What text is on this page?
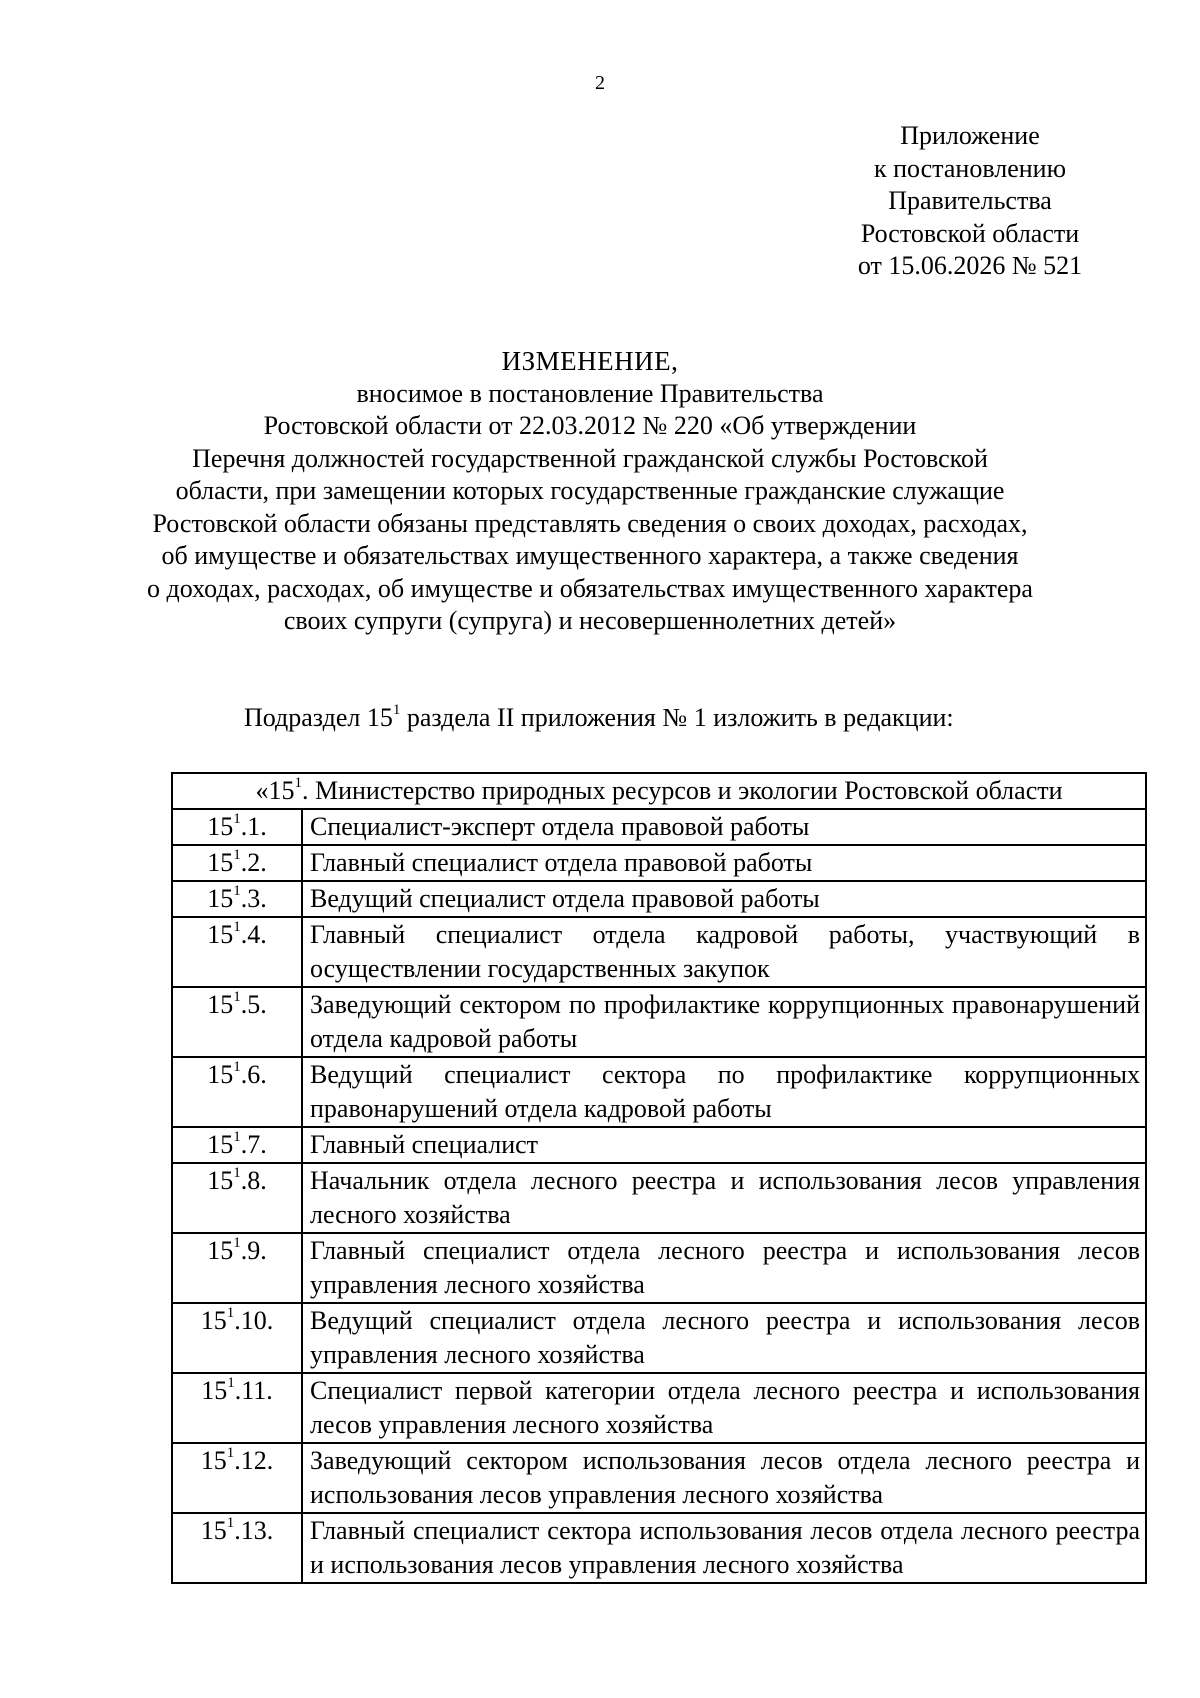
2
Приложение
к постановлению
Правительства
Ростовской области
от 15.06.2026 № 521
ИЗМЕНЕНИЕ,
вносимое в постановление Правительства
Ростовской области от 22.03.2012 № 220 «Об утверждении
Перечня должностей государственной гражданской службы Ростовской
области, при замещении которых государственные гражданские служащие
Ростовской области обязаны представлять сведения о своих доходах, расходах,
об имуществе и обязательствах имущественного характера, а также сведения
о доходах, расходах, об имуществе и обязательствах имущественного характера
своих супруги (супруга) и несовершеннолетних детей»
Подраздел $15^1$ раздела II приложения № 1 изложить в редакции:
«$15^1$. Министерство природных ресурсов и экологии Ростовской области	
$15^1.1$.	Специалист-эксперт отдела правовой работы
$15^1.2$.	Главный специалист отдела правовой работы
$15^1.3$.	Ведущий специалист отдела правовой работы
$15^1.4$.	Главный специалист отдела кадровой работы, участвующий в осуществлении государственных закупок
$15^1.5$.	Заведующий сектором по профилактике коррупционных правонарушений отдела кадровой работы
$15^1.6$.	Ведущий специалист сектора по профилактике коррупционных правонарушений отдела кадровой работы
$15^1.7$.	Главный специалист
$15^1.8$.	Начальник отдела лесного реестра и использования лесов управления лесного хозяйства
$15^1.9$.	Главный специалист отдела лесного реестра и использования лесов управления лесного хозяйства
$15^1.10$.	Ведущий специалист отдела лесного реестра и использования лесов управления лесного хозяйства
$15^1.11$.	Специалист первой категории отдела лесного реестра и использования лесов управления лесного хозяйства
$15^1.12$.	Заведующий сектором использования лесов отдела лесного реестра и использования лесов управления лесного хозяйства
$15^1.13$.	Главный специалист сектора использования лесов отдела лесного реестра и использования лесов управления лесного хозяйства
